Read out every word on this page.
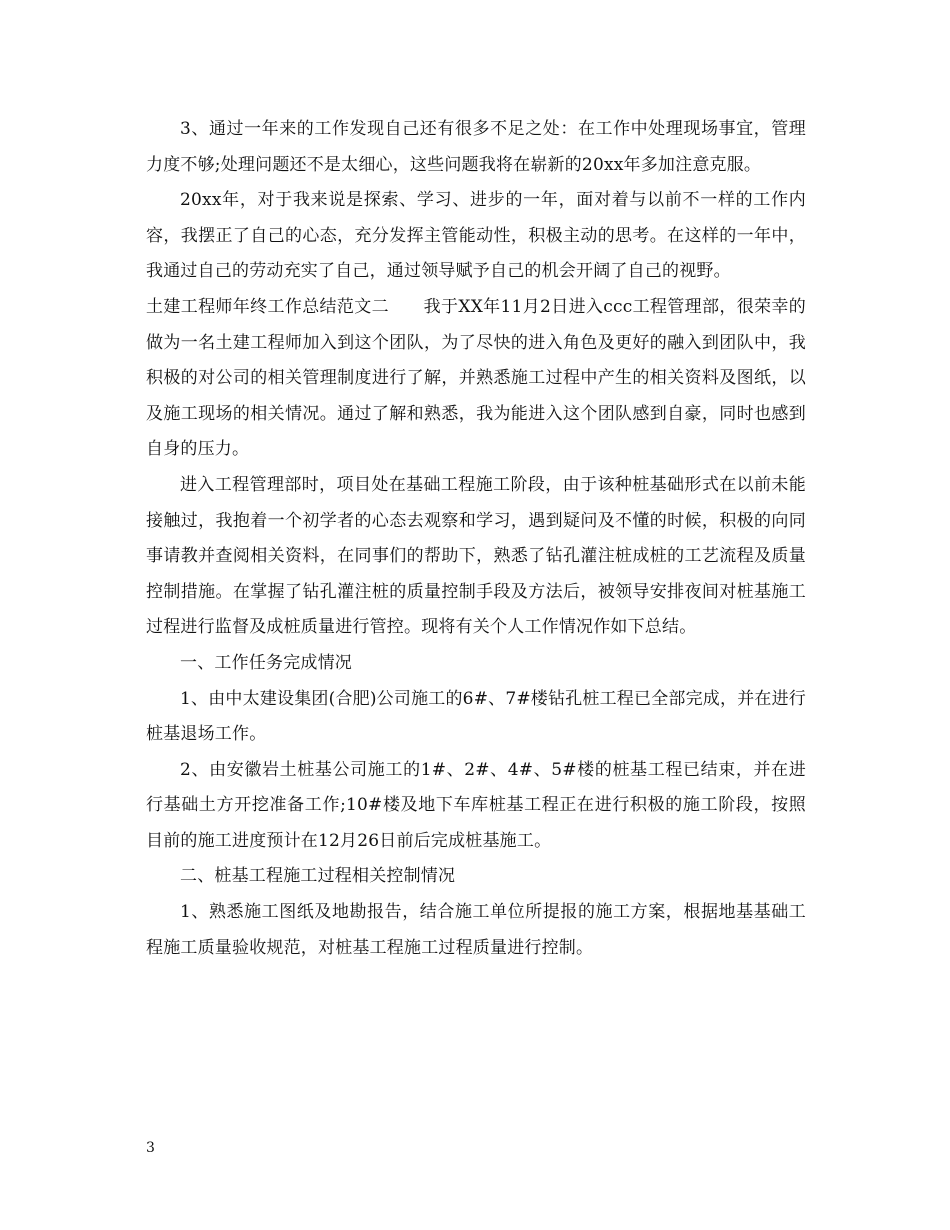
3、通过一年来的工作发现自己还有很多不足之处：在工作中处理现场事宜，管理力度不够;处理问题还不是太细心，这些问题我将在崭新的20xx年多加注意克服。

20xx年，对于我来说是探索、学习、进步的一年，面对着与以前不一样的工作内容，我摆正了自己的心态，充分发挥主管能动性，积极主动的思考。在这样的一年中，我通过自己的劳动充实了自己，通过领导赋予自己的机会开阔了自己的视野。

土建工程师年终工作总结范文二　　我于XX年11月2日进入ccc工程管理部，很荣幸的做为一名土建工程师加入到这个团队，为了尽快的进入角色及更好的融入到团队中，我积极的对公司的相关管理制度进行了解，并熟悉施工过程中产生的相关资料及图纸，以及施工现场的相关情况。通过了解和熟悉，我为能进入这个团队感到自豪，同时也感到自身的压力。

进入工程管理部时，项目处在基础工程施工阶段，由于该种桩基础形式在以前未能接触过，我抱着一个初学者的心态去观察和学习，遇到疑问及不懂的时候，积极的向同事请教并查阅相关资料，在同事们的帮助下，熟悉了钻孔灌注桩成桩的工艺流程及质量控制措施。在掌握了钻孔灌注桩的质量控制手段及方法后，被领导安排夜间对桩基施工过程进行监督及成桩质量进行管控。现将有关个人工作情况作如下总结。

一、工作任务完成情况

1、由中太建设集团(合肥)公司施工的6#、7#楼钻孔桩工程已全部完成，并在进行桩基退场工作。

2、由安徽岩土桩基公司施工的1#、2#、4#、5#楼的桩基工程已结束，并在进行基础土方开挖准备工作;10#楼及地下车库桩基工程正在进行积极的施工阶段，按照目前的施工进度预计在12月26日前后完成桩基施工。

二、桩基工程施工过程相关控制情况

1、熟悉施工图纸及地勘报告，结合施工单位所提报的施工方案，根据地基基础工程施工质量验收规范，对桩基工程施工过程质量进行控制。

3
